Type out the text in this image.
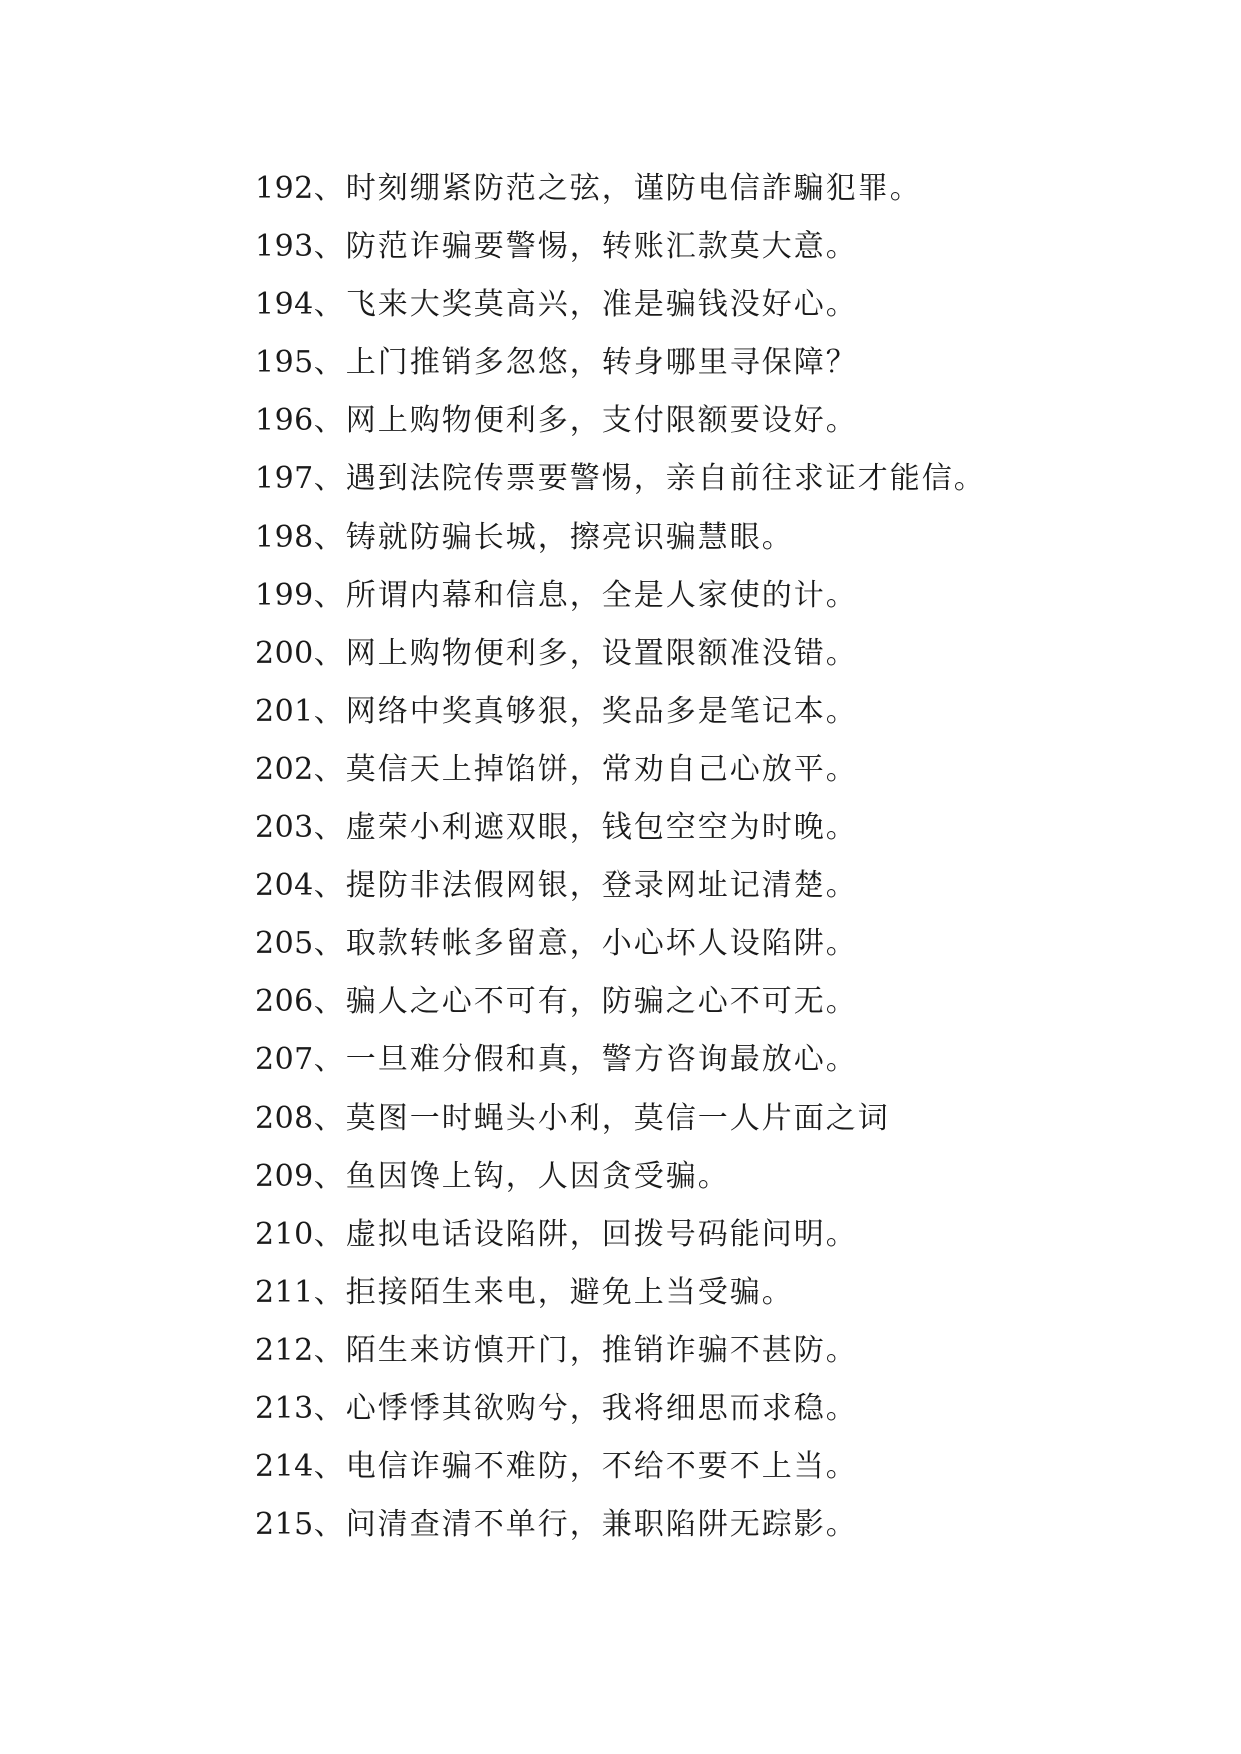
192、时刻绷紧防范之弦，谨防电信詐騙犯罪。
193、防范诈骗要警惕，转账汇款莫大意。
194、飞来大奖莫高兴，准是骗钱没好心。
195、上门推销多忽悠，转身哪里寻保障？
196、网上购物便利多，支付限额要设好。
197、遇到法院传票要警惕，亲自前往求证才能信。
198、铸就防骗长城，擦亮识骗慧眼。
199、所谓内幕和信息，全是人家使的计。
200、网上购物便利多，设置限额准没错。
201、网络中奖真够狠，奖品多是笔记本。
202、莫信天上掉馅饼，常劝自己心放平。
203、虚荣小利遮双眼，钱包空空为时晚。
204、提防非法假网银，登录网址记清楚。
205、取款转帐多留意，小心坏人设陷阱。
206、骗人之心不可有，防骗之心不可无。
207、一旦难分假和真，警方咨询最放心。
208、莫图一时蝇头小利，莫信一人片面之词
209、鱼因馋上钩，人因贪受骗。
210、虚拟电话设陷阱，回拨号码能问明。
211、拒接陌生来电，避免上当受骗。
212、陌生来访慎开门，推销诈骗不甚防。
213、心悸悸其欲购兮，我将细思而求稳。
214、电信诈骗不难防，不给不要不上当。
215、问清查清不单行，兼职陷阱无踪影。
